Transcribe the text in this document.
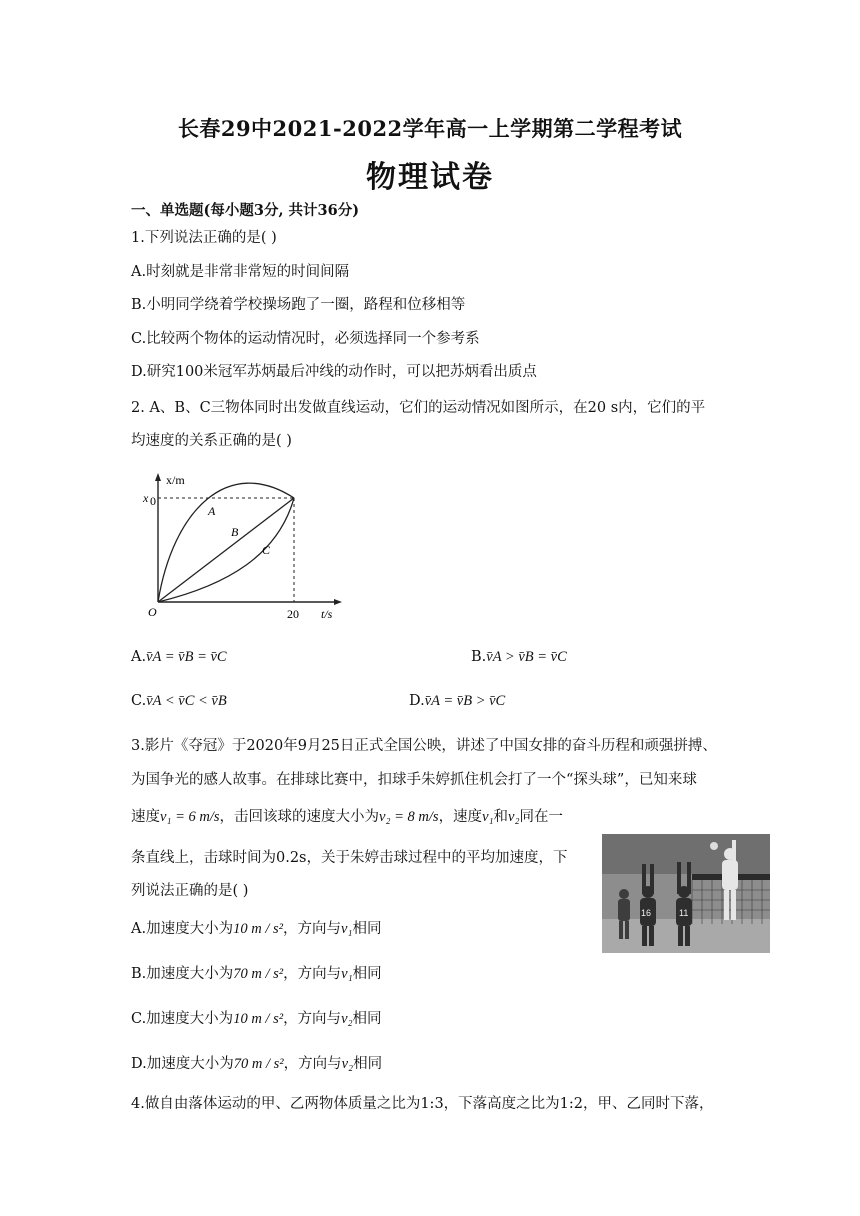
长春29中2021-2022学年高一上学期第二学程考试
物理试卷
一、单选题(每小题3分, 共计36分)
1.下列说法正确的是( )
A.时刻就是非常非常短的时间间隔
B.小明同学绕着学校操场跑了一圈，路程和位移相等
C.比较两个物体的运动情况时，必须选择同一个参考系
D.研究100米冠军苏炳最后冲线的动作时，可以把苏炳看出质点
2. A、B、C三物体同时出发做直线运动，它们的运动情况如图所示，在20 s内，它们的平
均速度的关系正确的是( )
x/m
t/s
x 0
O	20
A
B
C
A.v̄A = v̄B = v̄C	B.v̄A > v̄B = v̄C
C.v̄A < v̄C < v̄B	D.v̄A = v̄B > v̄C
3.影片《夺冠》于2020年9月25日正式全国公映，讲述了中国女排的奋斗历程和顽强拼搏、
为国争光的感人故事。在排球比赛中，扣球手朱婷抓住机会打了一个“探头球”，已知来球
速度v₁ = 6 m/s，击回该球的速度大小为v₂ = 8 m/s，速度v₁和v₂同在一
条直线上，击球时间为0.2s，关于朱婷击球过程中的平均加速度，下
列说法正确的是( )
A.加速度大小为10 m / s²，方向与v₁相同
B.加速度大小为70 m / s²，方向与v₁相同
C.加速度大小为10 m / s²，方向与v₂相同
D.加速度大小为70 m / s²，方向与v₂相同
16	11
4.做自由落体运动的甲、乙两物体质量之比为1:3，下落高度之比为1:2，甲、乙同时下落，
